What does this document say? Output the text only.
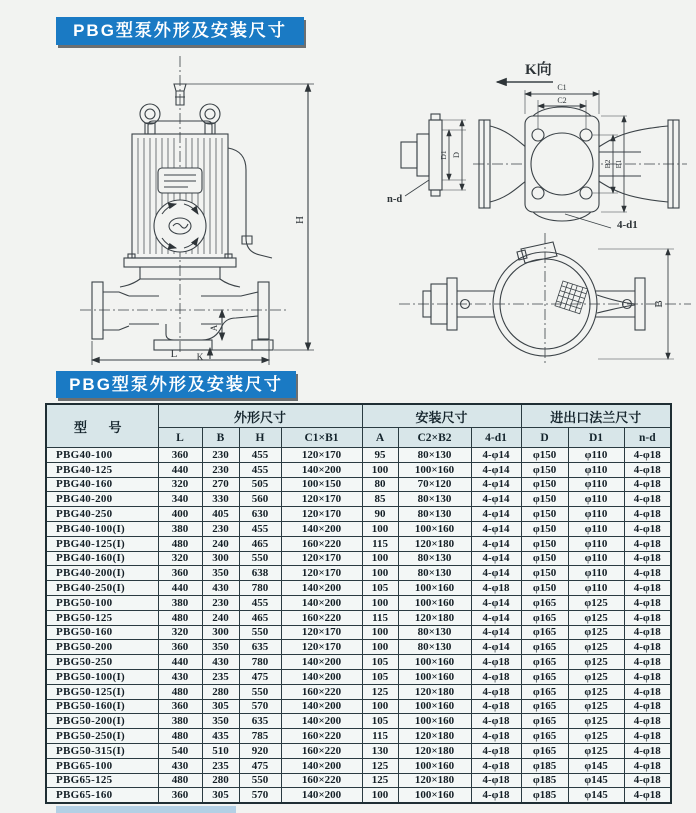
PBG型泵外形及安装尺寸
H
A
L K
K向
n-d
D1 D
C1
C2
B2 B1
4-d1
B
PBG型泵外形及安装尺寸
型 号	外形尺寸				安装尺寸			进出口法兰尺寸		
	L	B	H	C1×B1	A	C2×B2	4-d1	D	D1	n-d
PBG40-100	360	230	455	120×170	95	80×130	4-φ14	φ150	φ110	4-φ18
PBG40-125	440	230	455	140×200	100	100×160	4-φ14	φ150	φ110	4-φ18
PBG40-160	320	270	505	100×150	80	70×120	4-φ14	φ150	φ110	4-φ18
PBG40-200	340	330	560	120×170	85	80×130	4-φ14	φ150	φ110	4-φ18
PBG40-250	400	405	630	120×170	90	80×130	4-φ14	φ150	φ110	4-φ18
PBG40-100(I)	380	230	455	140×200	100	100×160	4-φ14	φ150	φ110	4-φ18
PBG40-125(I)	480	240	465	160×220	115	120×180	4-φ14	φ150	φ110	4-φ18
PBG40-160(I)	320	300	550	120×170	100	80×130	4-φ14	φ150	φ110	4-φ18
PBG40-200(I)	360	350	638	120×170	100	80×130	4-φ14	φ150	φ110	4-φ18
PBG40-250(I)	440	430	780	140×200	105	100×160	4-φ18	φ150	φ110	4-φ18
PBG50-100	380	230	455	140×200	100	100×160	4-φ14	φ165	φ125	4-φ18
PBG50-125	480	240	465	160×220	115	120×180	4-φ14	φ165	φ125	4-φ18
PBG50-160	320	300	550	120×170	100	80×130	4-φ14	φ165	φ125	4-φ18
PBG50-200	360	350	635	120×170	100	80×130	4-φ14	φ165	φ125	4-φ18
PBG50-250	440	430	780	140×200	105	100×160	4-φ18	φ165	φ125	4-φ18
PBG50-100(I)	430	235	475	140×200	105	100×160	4-φ18	φ165	φ125	4-φ18
PBG50-125(I)	480	280	550	160×220	125	120×180	4-φ18	φ165	φ125	4-φ18
PBG50-160(I)	360	305	570	140×200	100	100×160	4-φ18	φ165	φ125	4-φ18
PBG50-200(I)	380	350	635	140×200	105	100×160	4-φ18	φ165	φ125	4-φ18
PBG50-250(I)	480	435	785	160×220	115	120×180	4-φ18	φ165	φ125	4-φ18
PBG50-315(I)	540	510	920	160×220	130	120×180	4-φ18	φ165	φ125	4-φ18
PBG65-100	430	235	475	140×200	125	100×160	4-φ18	φ185	φ145	4-φ18
PBG65-125	480	280	550	160×220	125	120×180	4-φ18	φ185	φ145	4-φ18
PBG65-160	360	305	570	140×200	100	100×160	4-φ18	φ185	φ145	4-φ18
